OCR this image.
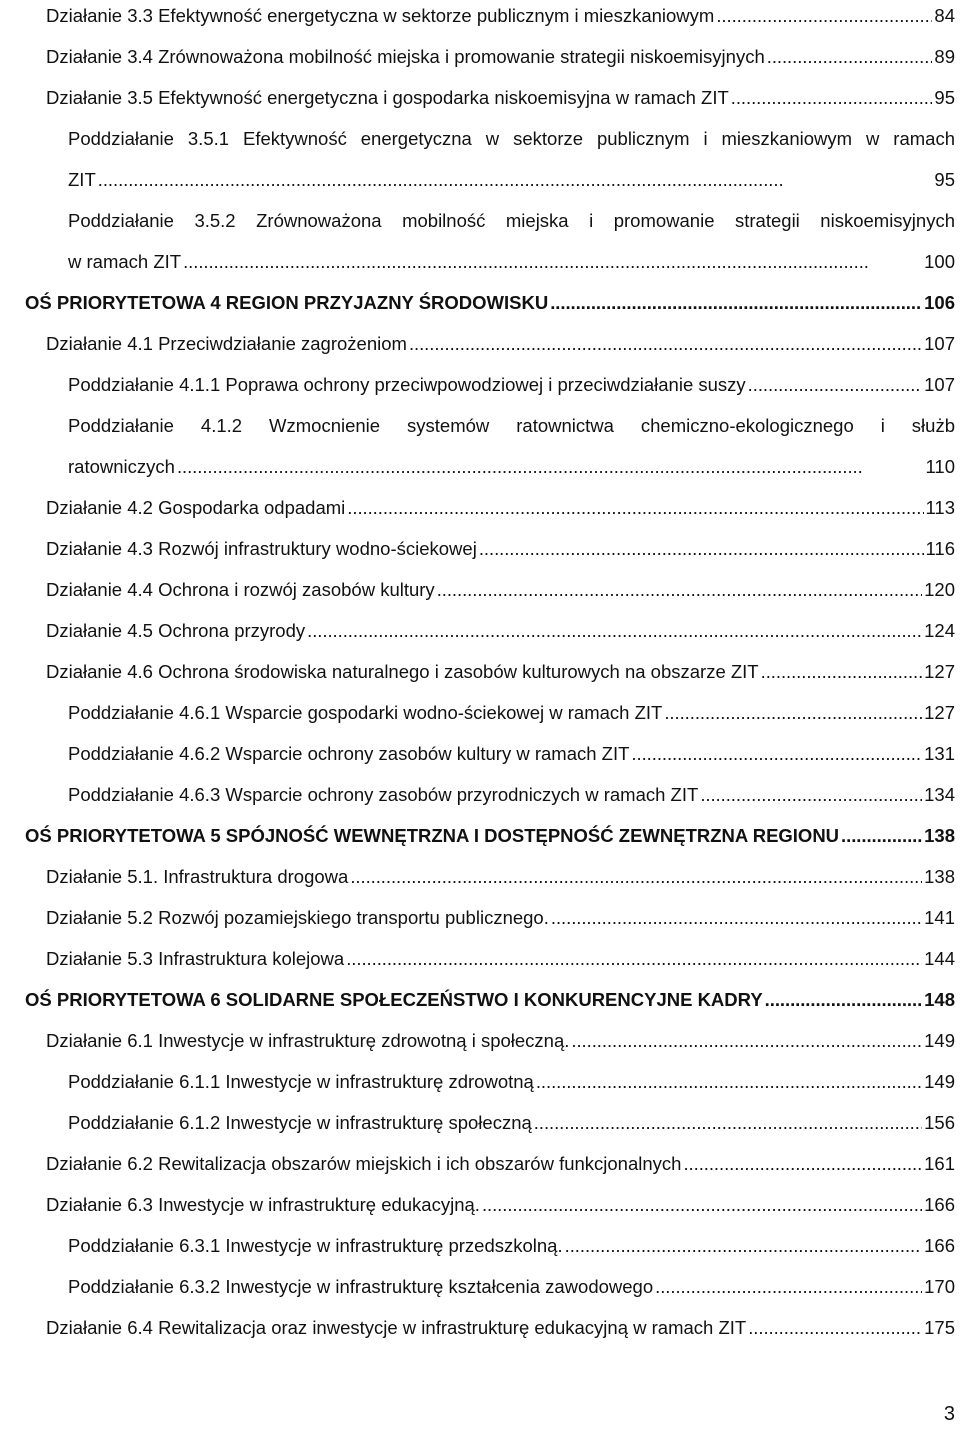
Działanie 3.3 Efektywność energetyczna w sektorze publicznym i mieszkaniowym . . .	84
Działanie 3.4 Zrównoważona mobilność miejska i promowanie strategii niskoemisyjnych . . .	89
Działanie 3.5 Efektywność energetyczna i gospodarka niskoemisyjna w ramach ZIT . . .	95
Poddziałanie 3.5.1 Efektywność energetyczna w sektorze publicznym i mieszkaniowym w ramach
ZIT . . .	95
Poddziałanie 3.5.2 Zrównoważona mobilność miejska i promowanie strategii niskoemisyjnych
w ramach ZIT . . .	100
OŚ PRIORYTETOWA 4 REGION PRZYJAZNY ŚRODOWISKU . . .	106
Działanie 4.1 Przeciwdziałanie zagrożeniom . . .	107
Poddziałanie 4.1.1 Poprawa ochrony przeciwpowodziowej i przeciwdziałanie suszy . . .	107
Poddziałanie 4.1.2 Wzmocnienie systemów ratownictwa chemiczno-ekologicznego i służb
ratowniczych . . .	110
Działanie 4.2 Gospodarka odpadami . . .	113
Działanie 4.3 Rozwój infrastruktury wodno-ściekowej . . .	116
Działanie 4.4 Ochrona i rozwój zasobów kultury . . .	120
Działanie 4.5 Ochrona przyrody . . .	124
Działanie 4.6 Ochrona środowiska naturalnego i zasobów kulturowych na obszarze ZIT . . .	127
Poddziałanie 4.6.1 Wsparcie gospodarki wodno-ściekowej w ramach ZIT . . .	127
Poddziałanie 4.6.2 Wsparcie ochrony zasobów kultury w ramach ZIT . . .	131
Poddziałanie 4.6.3 Wsparcie ochrony zasobów przyrodniczych w ramach ZIT . . .	134
OŚ PRIORYTETOWA 5 SPÓJNOŚĆ WEWNĘTRZNA I DOSTĘPNOŚĆ ZEWNĘTRZNA REGIONU . . .	138
Działanie 5.1. Infrastruktura drogowa . . .	138
Działanie 5.2 Rozwój pozamiejskiego transportu publicznego. . . .	141
Działanie 5.3 Infrastruktura kolejowa . . .	144
OŚ PRIORYTETOWA 6 SOLIDARNE SPOŁECZEŃSTWO I KONKURENCYJNE KADRY . . .	148
Działanie 6.1 Inwestycje w infrastrukturę zdrowotną i społeczną. . . .	149
Poddziałanie 6.1.1 Inwestycje w infrastrukturę zdrowotną . . .	149
Poddziałanie 6.1.2 Inwestycje w infrastrukturę społeczną . . .	156
Działanie 6.2 Rewitalizacja obszarów miejskich i ich obszarów funkcjonalnych . . .	161
Działanie 6.3 Inwestycje w infrastrukturę edukacyjną. . . .	166
Poddziałanie 6.3.1 Inwestycje w infrastrukturę przedszkolną. . . .	166
Poddziałanie 6.3.2 Inwestycje w infrastrukturę kształcenia zawodowego . . .	170
Działanie 6.4 Rewitalizacja oraz inwestycje w infrastrukturę edukacyjną w ramach ZIT . . .	175
3
